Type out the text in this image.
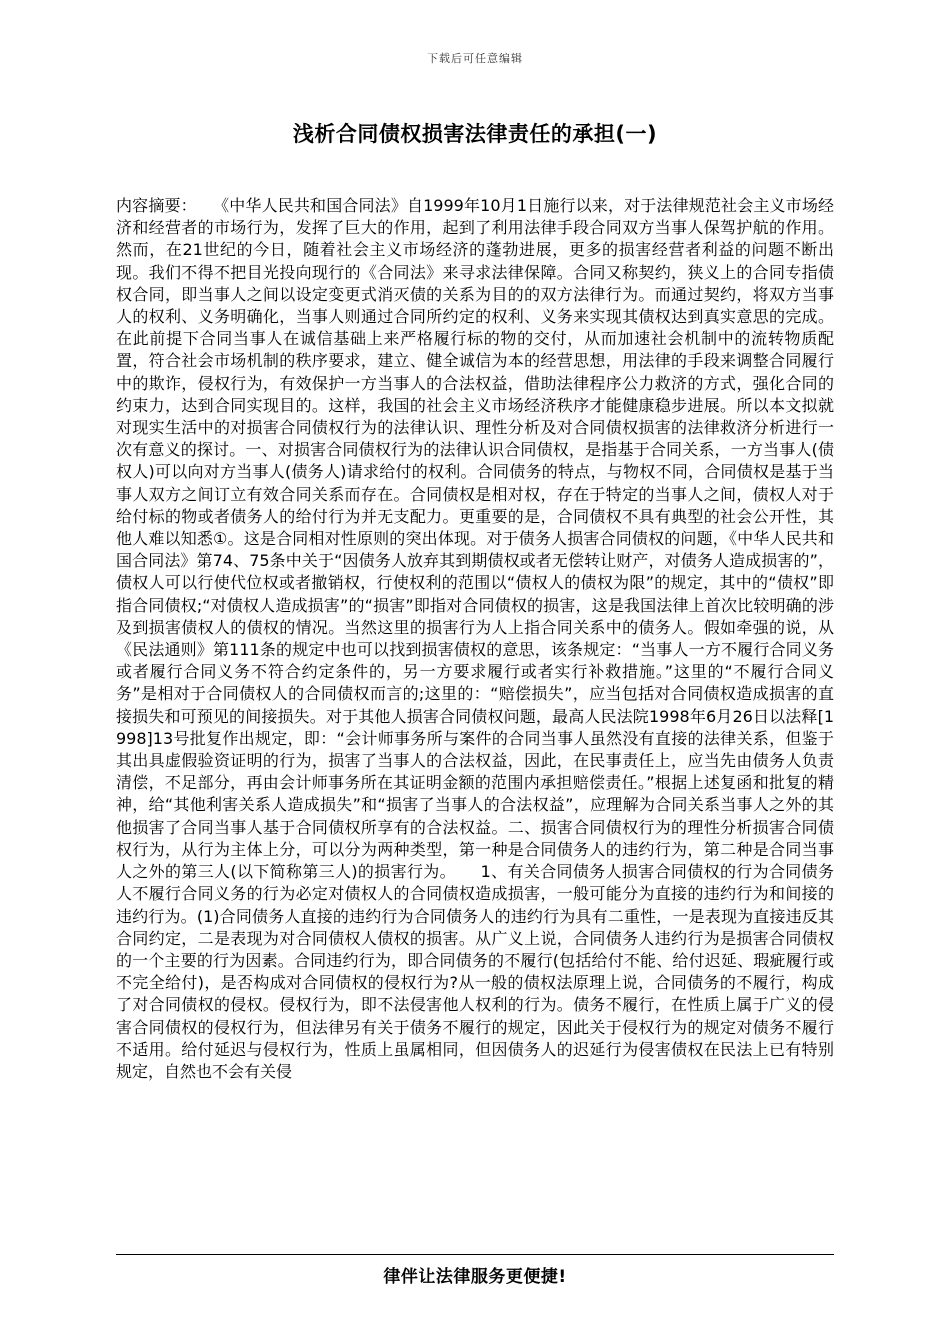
下载后可任意编辑
浅析合同债权损害法律责任的承担(一)

内容摘要：　　《中华人民共和国合同法》自1999年10月1日施行以来，对于法律规范社会主义市场经济和经营者的市场行为，发挥了巨大的作用，起到了利用法律手段合同双方当事人保驾护航的作用。然而，在21世纪的今日，随着社会主义市场经济的蓬勃进展，更多的损害经营者利益的问题不断出现。我们不得不把目光投向现行的《合同法》来寻求法律保障。合同又称契约，狭义上的合同专指债权合同，即当事人之间以设定变更式消灭债的关系为目的的双方法律行为。而通过契约，将双方当事人的权利、义务明确化，当事人则通过合同所约定的权利、义务来实现其债权达到真实意思的完成。在此前提下合同当事人在诚信基础上来严格履行标的物的交付，从而加速社会机制中的流转物质配置，符合社会市场机制的秩序要求，建立、健全诚信为本的经营思想，用法律的手段来调整合同履行中的欺诈，侵权行为，有效保护一方当事人的合法权益，借助法律程序公力救济的方式，强化合同的约束力，达到合同实现目的。这样，我国的社会主义市场经济秩序才能健康稳步进展。所以本文拟就对现实生活中的对损害合同债权行为的法律认识、理性分析及对合同债权损害的法律救济分析进行一次有意义的探讨。一、对损害合同债权行为的法律认识合同债权，是指基于合同关系，一方当事人(债权人)可以向对方当事人(债务人)请求给付的权利。合同债务的特点，与物权不同，合同债权是基于当事人双方之间订立有效合同关系而存在。合同债权是相对权，存在于特定的当事人之间，债权人对于给付标的物或者债务人的给付行为并无支配力。更重要的是，合同债权不具有典型的社会公开性，其他人难以知悉①。这是合同相对性原则的突出体现。对于债务人损害合同债权的问题，《中华人民共和国合同法》第74、75条中关于“因债务人放弃其到期债权或者无偿转让财产，对债务人造成损害的”，债权人可以行使代位权或者撤销权，行使权利的范围以“债权人的债权为限”的规定，其中的“债权”即指合同债权;“对债权人造成损害”的“损害”即指对合同债权的损害，这是我国法律上首次比较明确的涉及到损害债权人的债权的情况。当然这里的损害行为人上指合同关系中的债务人。假如牵强的说，从《民法通则》第111条的规定中也可以找到损害债权的意思，该条规定：“当事人一方不履行合同义务或者履行合同义务不符合约定条件的，另一方要求履行或者实行补救措施。”这里的“不履行合同义务”是相对于合同债权人的合同债权而言的;这里的：“赔偿损失”，应当包括对合同债权造成损害的直接损失和可预见的间接损失。对于其他人损害合同债权问题，最高人民法院1998年6月26日以法释[1998]13号批复作出规定，即：“会计师事务所与案件的合同当事人虽然没有直接的法律关系，但鉴于其出具虚假验资证明的行为，损害了当事人的合法权益，因此，在民事责任上，应当先由债务人负责清偿，不足部分，再由会计师事务所在其证明金额的范围内承担赔偿责任。”根据上述复函和批复的精神，给“其他利害关系人造成损失”和“损害了当事人的合法权益”，应理解为合同关系当事人之外的其他损害了合同当事人基于合同债权所享有的合法权益。二、损害合同债权行为的理性分析损害合同债权行为，从行为主体上分，可以分为两种类型，第一种是合同债务人的违约行为，第二种是合同当事人之外的第三人(以下简称第三人)的损害行为。　　1、有关合同债务人损害合同债权的行为合同债务人不履行合同义务的行为必定对债权人的合同债权造成损害，一般可能分为直接的违约行为和间接的违约行为。(1)合同债务人直接的违约行为合同债务人的违约行为具有二重性，一是表现为直接违反其合同约定，二是表现为对合同债权人债权的损害。从广义上说，合同债务人违约行为是损害合同债权的一个主要的行为因素。合同违约行为，即合同债务的不履行(包括给付不能、给付迟延、瑕疵履行或不完全给付)，是否构成对合同债权的侵权行为?从一般的债权法原理上说，合同债务的不履行，构成了对合同债权的侵权。侵权行为，即不法侵害他人权利的行为。债务不履行，在性质上属于广义的侵害合同债权的侵权行为，但法律另有关于债务不履行的规定，因此关于侵权行为的规定对债务不履行不适用。给付延迟与侵权行为，性质上虽属相同，但因债务人的迟延行为侵害债权在民法上已有特别规定，自然也不会有关侵

律伴让法律服务更便捷!
